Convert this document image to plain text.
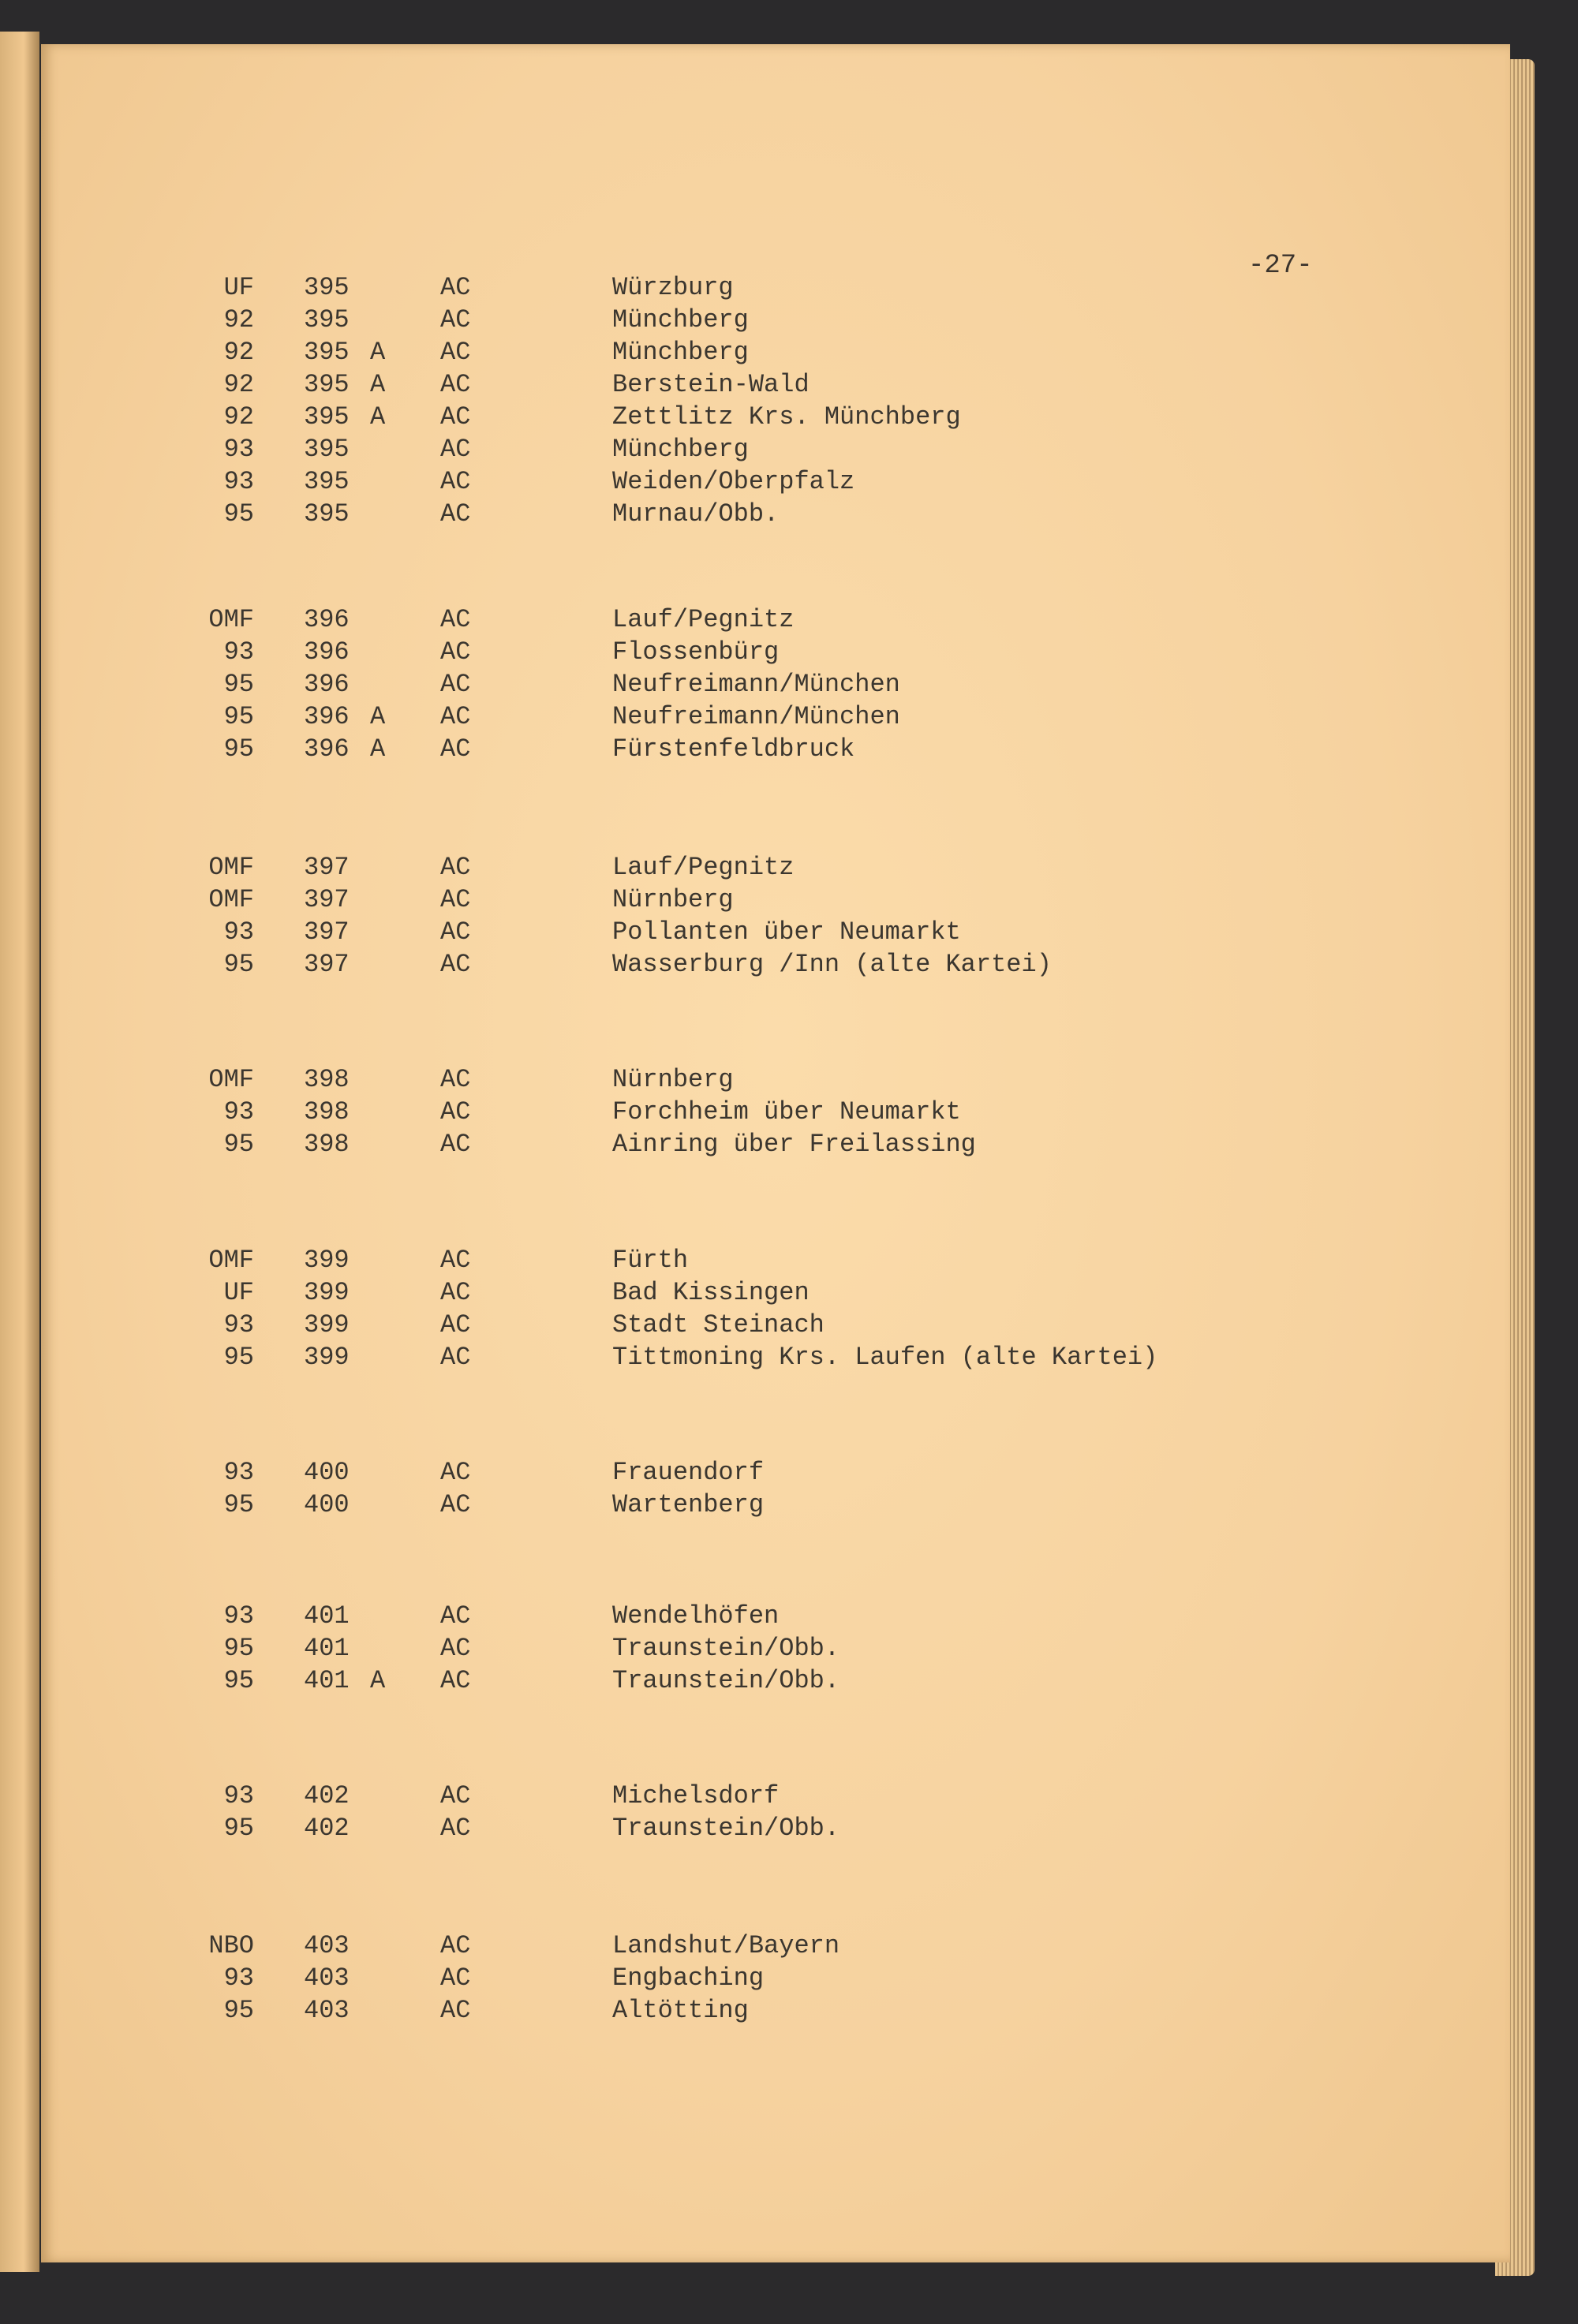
-27-
UF 395	AC	Würzburg
92 395	AC	Münchberg
92 395 A AC	Münchberg
92 395 A AC	Berstein-Wald
92 395 A AC	Zettlitz Krs. Münchberg
93 395	AC	Münchberg
93 395	AC	Weiden/Oberpfalz
95 395	AC	Murnau/Obb.
OMF 396	AC	Lauf/Pegnitz
93 396	AC	Flossenbürg
95 396	AC	Neufreimann/München
95 396 A AC	Neufreimann/München
95 396 A AC	Fürstenfeldbruck
OMF 397	AC	Lauf/Pegnitz
OMF 397	AC	Nürnberg
93 397	AC	Pollanten über Neumarkt
95 397	AC	Wasserburg /Inn (alte Kartei)
OMF 398	AC	Nürnberg
93 398	AC	Forchheim über Neumarkt
95 398	AC	Ainring über Freilassing
OMF 399	AC	Fürth
UF 399	AC	Bad Kissingen
93 399	AC	Stadt Steinach
95 399	AC	Tittmoning Krs. Laufen (alte Kartei)
93 400	AC	Frauendorf
95 400	AC	Wartenberg
93 401	AC	Wendelhöfen
95 401	AC	Traunstein/Obb.
95 401 A AC	Traunstein/Obb.
93 402	AC	Michelsdorf
95 402	AC	Traunstein/Obb.
NBO 403	AC	Landshut/Bayern
93 403	AC	Engbaching
95 403	AC	Altötting
